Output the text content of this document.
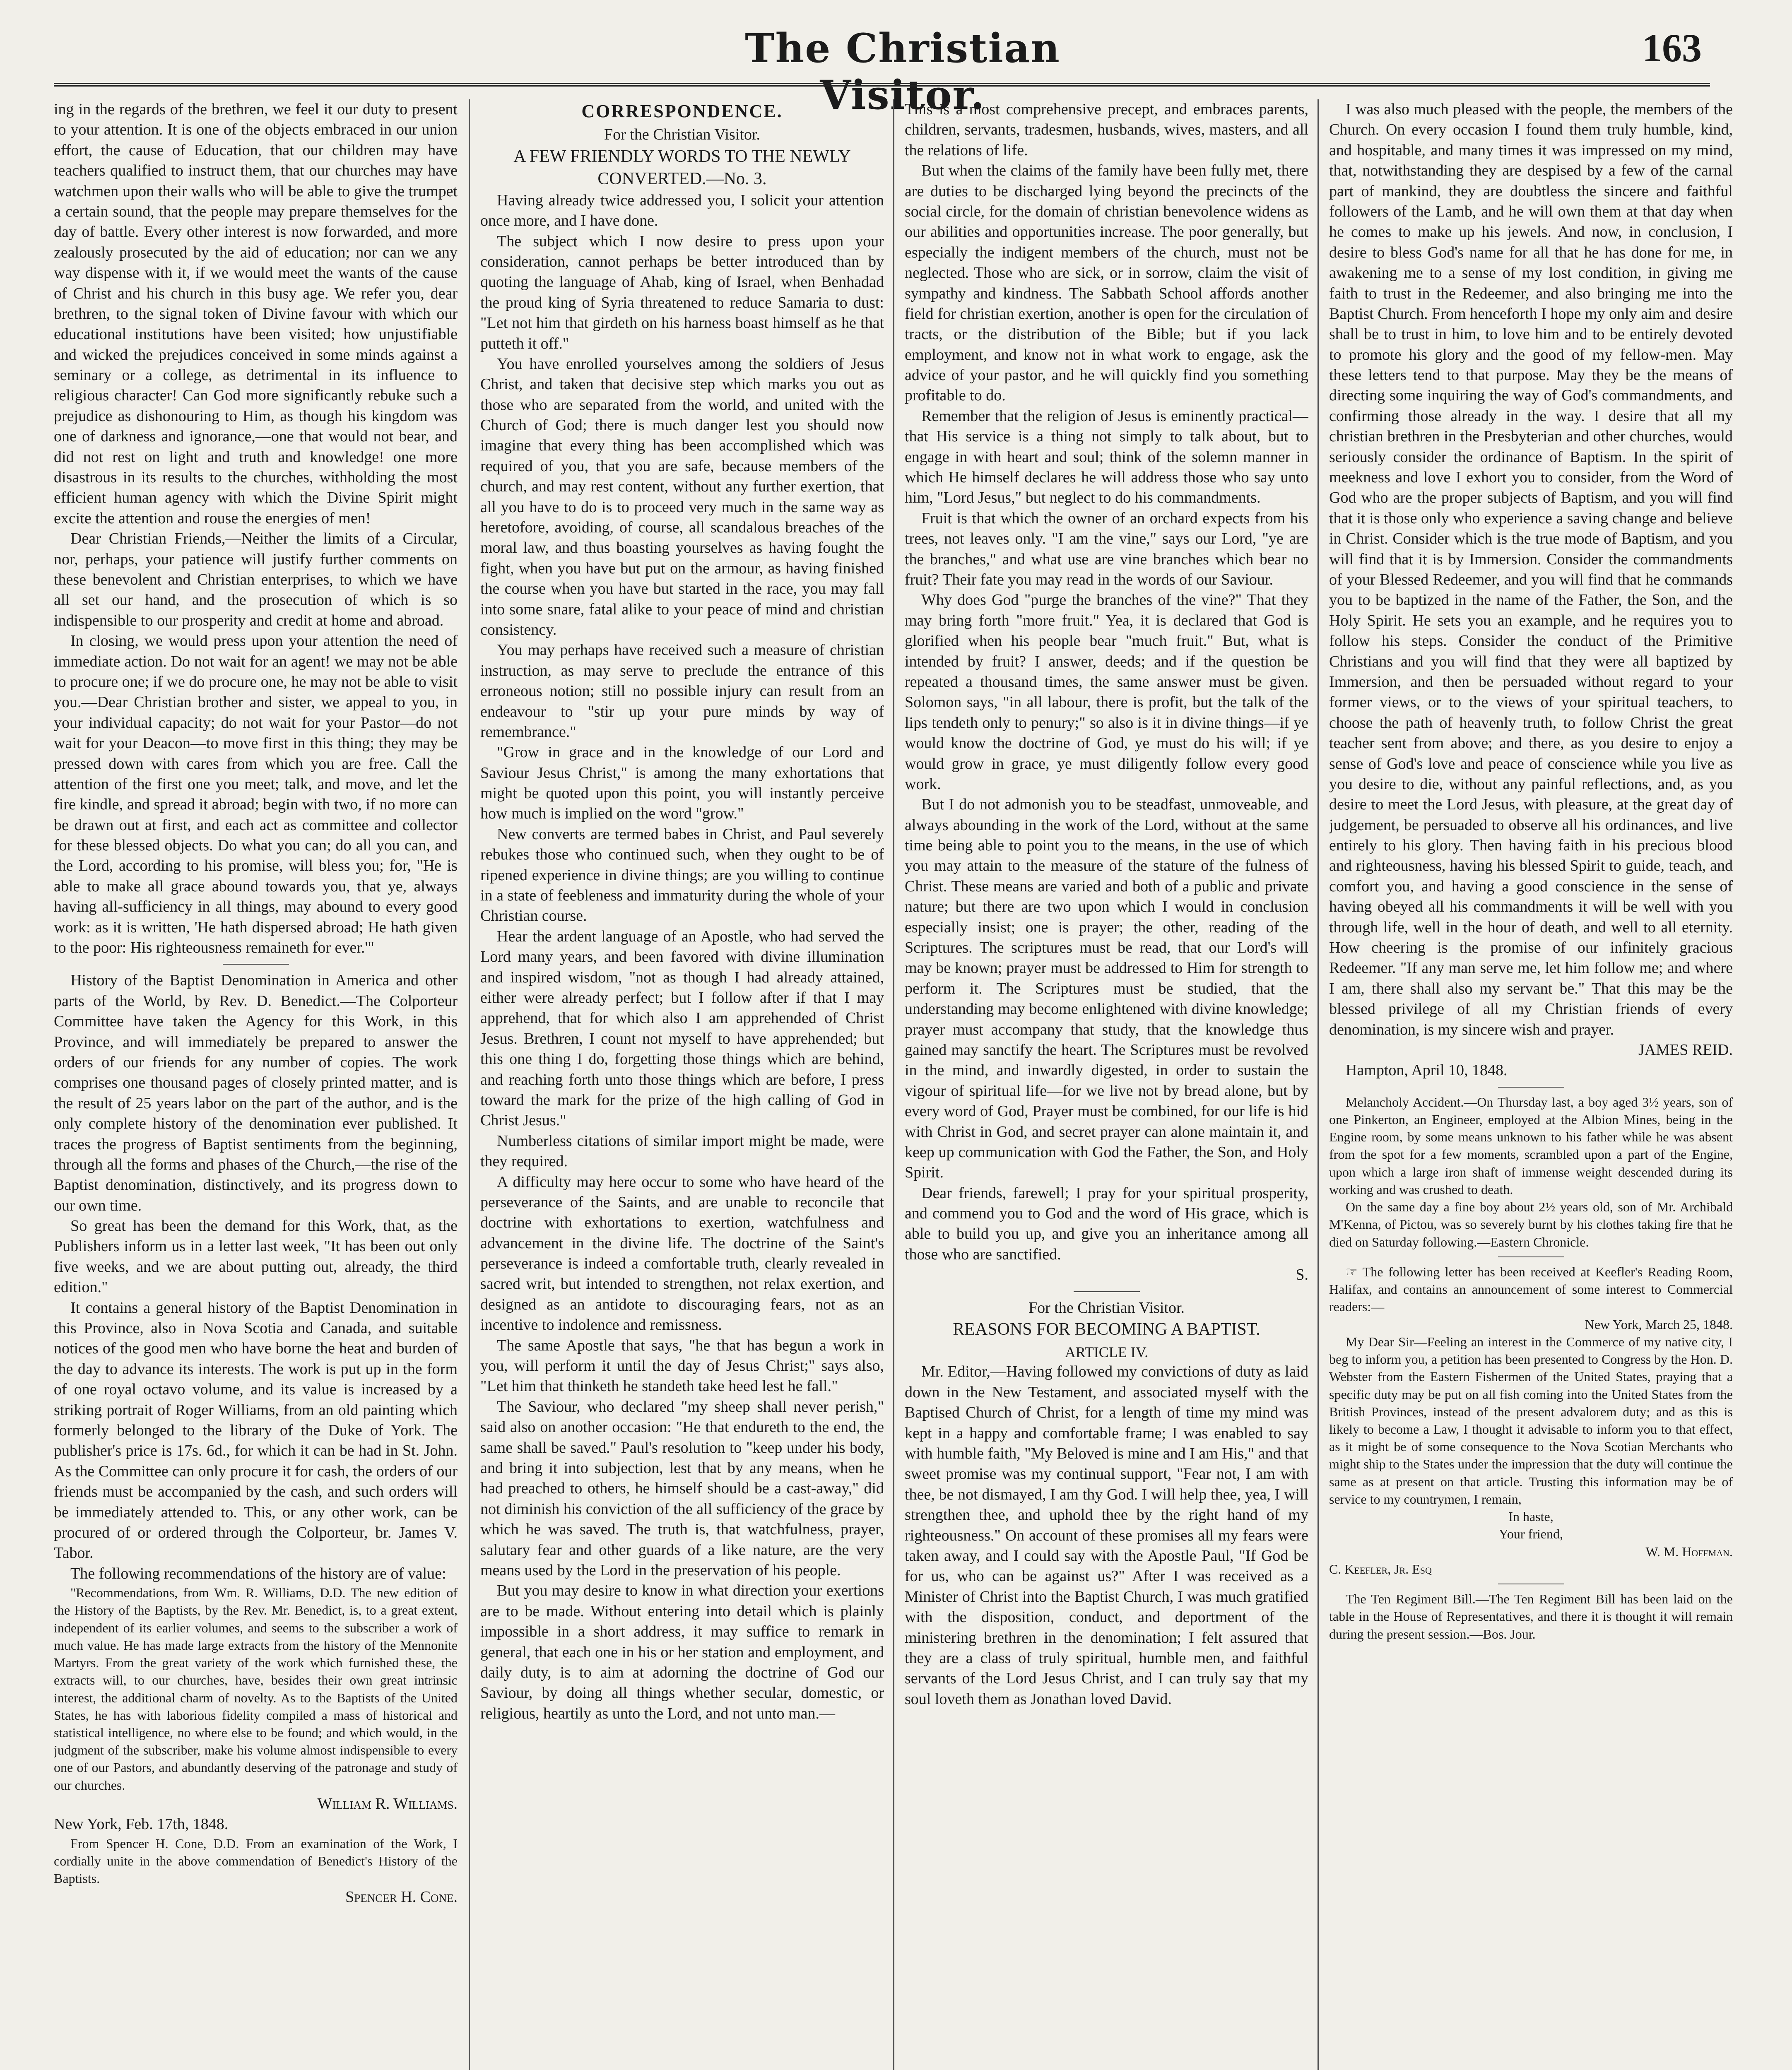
The Christian Visitor.
163

ing in the regards of the brethren, we feel it our duty to present to your attention. It is one of the objects embraced in our union effort, the cause of Education, that our children may have teachers qualified to instruct them, that our churches may have watchmen upon their walls who will be able to give the trumpet a certain sound, that the people may prepare themselves for the day of battle. Every other interest is now forwarded, and more zealously prosecuted by the aid of education; nor can we any way dispense with it, if we would meet the wants of the cause of Christ and his church in this busy age. We refer you, dear brethren, to the signal token of Divine favour with which our educational institutions have been visited; how unjustifiable and wicked the prejudices conceived in some minds against a seminary or a college, as detrimental in its influence to religious character! Can God more significantly rebuke such a prejudice as dishonouring to Him, as though his kingdom was one of darkness and ignorance,—one that would not bear, and did not rest on light and truth and knowledge! one more disastrous in its results to the churches, withholding the most efficient human agency with which the Divine Spirit might excite the attention and rouse the energies of men!

Dear Christian Friends,—Neither the limits of a Circular, nor, perhaps, your patience will justify further comments on these benevolent and Christian enterprises, to which we have all set our hand, and the prosecution of which is so indispensible to our prosperity and credit at home and abroad.

In closing, we would press upon your attention the need of immediate action. Do not wait for an agent! we may not be able to procure one; if we do procure one, he may not be able to visit you.—Dear Christian brother and sister, we appeal to you, in your individual capacity; do not wait for your Pastor—do not wait for your Deacon—to move first in this thing; they may be pressed down with cares from which you are free. Call the attention of the first one you meet; talk, and move, and let the fire kindle, and spread it abroad; begin with two, if no more can be drawn out at first, and each act as committee and collector for these blessed objects. Do what you can; do all you can, and the Lord, according to his promise, will bless you; for, "He is able to make all grace abound towards you, that ye, always having all-sufficiency in all things, may abound to every good work: as it is written, 'He hath dispersed abroad; He hath given to the poor: His righteousness remaineth for ever.'"

History of the Baptist Denomination in America and other parts of the World, by Rev. D. Benedict.—The Colporteur Committee have taken the Agency for this Work, in this Province, and will immediately be prepared to answer the orders of our friends for any number of copies. The work comprises one thousand pages of closely printed matter, and is the result of 25 years labor on the part of the author, and is the only complete history of the denomination ever published. It traces the progress of Baptist sentiments from the beginning, through all the forms and phases of the Church,—the rise of the Baptist denomination, distinctively, and its progress down to our own time.

So great has been the demand for this Work, that, as the Publishers inform us in a letter last week, "It has been out only five weeks, and we are about putting out, already, the third edition."

It contains a general history of the Baptist Denomination in this Province, also in Nova Scotia and Canada, and suitable notices of the good men who have borne the heat and burden of the day to advance its interests. The work is put up in the form of one royal octavo volume, and its value is increased by a striking portrait of Roger Williams, from an old painting which formerly belonged to the library of the Duke of York. The publisher's price is 17s. 6d., for which it can be had in St. John. As the Committee can only procure it for cash, the orders of our friends must be accompanied by the cash, and such orders will be immediately attended to. This, or any other work, can be procured of or ordered through the Colporteur, br. James V. Tabor.

The following recommendations of the history are of value:

"Recommendations, from Wm. R. Williams, D.D. The new edition of the History of the Baptists, by the Rev. Mr. Benedict, is, to a great extent, independent of its earlier volumes, and seems to the subscriber a work of much value. He has made large extracts from the history of the Mennonite Martyrs. From the great variety of the work which furnished these, the extracts will, to our churches, have, besides their own great intrinsic interest, the additional charm of novelty. As to the Baptists of the United States, he has with laborious fidelity compiled a mass of historical and statistical intelligence, no where else to be found; and which would, in the judgment of the subscriber, make his volume almost indispensible to every one of our Pastors, and abundantly deserving of the patronage and study of our churches.

William R. Williams.

New York, Feb. 17th, 1848.

From Spencer H. Cone, D.D. From an examination of the Work, I cordially unite in the above commendation of Benedict's History of the Baptists.

Spencer H. Cone.

CORRESPONDENCE.

For the Christian Visitor.

A FEW FRIENDLY WORDS TO THE NEWLY CONVERTED.—No. 3.

Having already twice addressed you, I solicit your attention once more, and I have done.

The subject which I now desire to press upon your consideration, cannot perhaps be better introduced than by quoting the language of Ahab, king of Israel, when Benhadad the proud king of Syria threatened to reduce Samaria to dust: "Let not him that girdeth on his harness boast himself as he that putteth it off."

You have enrolled yourselves among the soldiers of Jesus Christ, and taken that decisive step which marks you out as those who are separated from the world, and united with the Church of God; there is much danger lest you should now imagine that every thing has been accomplished which was required of you, that you are safe, because members of the church, and may rest content, without any further exertion, that all you have to do is to proceed very much in the same way as heretofore, avoiding, of course, all scandalous breaches of the moral law, and thus boasting yourselves as having fought the fight, when you have but put on the armour, as having finished the course when you have but started in the race, you may fall into some snare, fatal alike to your peace of mind and christian consistency.

You may perhaps have received such a measure of christian instruction, as may serve to preclude the entrance of this erroneous notion; still no possible injury can result from an endeavour to "stir up your pure minds by way of remembrance."

"Grow in grace and in the knowledge of our Lord and Saviour Jesus Christ," is among the many exhortations that might be quoted upon this point, you will instantly perceive how much is implied on the word "grow."

New converts are termed babes in Christ, and Paul severely rebukes those who continued such, when they ought to be of ripened experience in divine things; are you willing to continue in a state of feebleness and immaturity during the whole of your Christian course.

Hear the ardent language of an Apostle, who had served the Lord many years, and been favored with divine illumination and inspired wisdom, "not as though I had already attained, either were already perfect; but I follow after if that I may apprehend, that for which also I am apprehended of Christ Jesus. Brethren, I count not myself to have apprehended; but this one thing I do, forgetting those things which are behind, and reaching forth unto those things which are before, I press toward the mark for the prize of the high calling of God in Christ Jesus."

Numberless citations of similar import might be made, were they required.

A difficulty may here occur to some who have heard of the perseverance of the Saints, and are unable to reconcile that doctrine with exhortations to exertion, watchfulness and advancement in the divine life. The doctrine of the Saint's perseverance is indeed a comfortable truth, clearly revealed in sacred writ, but intended to strengthen, not relax exertion, and designed as an antidote to discouraging fears, not as an incentive to indolence and remissness.

The same Apostle that says, "he that has begun a work in you, will perform it until the day of Jesus Christ;" says also, "Let him that thinketh he standeth take heed lest he fall."

The Saviour, who declared "my sheep shall never perish," said also on another occasion: "He that endureth to the end, the same shall be saved." Paul's resolution to "keep under his body, and bring it into subjection, lest that by any means, when he had preached to others, he himself should be a cast-away," did not diminish his conviction of the all sufficiency of the grace by which he was saved. The truth is, that watchfulness, prayer, salutary fear and other guards of a like nature, are the very means used by the Lord in the preservation of his people.

But you may desire to know in what direction your exertions are to be made. Without entering into detail which is plainly impossible in a short address, it may suffice to remark in general, that each one in his or her station and employment, and daily duty, is to aim at adorning the doctrine of God our Saviour, by doing all things whether secular, domestic, or religious, heartily as unto the Lord, and not unto man.—

This is a most comprehensive precept, and embraces parents, children, servants, tradesmen, husbands, wives, masters, and all the relations of life.

But when the claims of the family have been fully met, there are duties to be discharged lying beyond the precincts of the social circle, for the domain of christian benevolence widens as our abilities and opportunities increase. The poor generally, but especially the indigent members of the church, must not be neglected. Those who are sick, or in sorrow, claim the visit of sympathy and kindness. The Sabbath School affords another field for christian exertion, another is open for the circulation of tracts, or the distribution of the Bible; but if you lack employment, and know not in what work to engage, ask the advice of your pastor, and he will quickly find you something profitable to do.

Remember that the religion of Jesus is eminently practical—that His service is a thing not simply to talk about, but to engage in with heart and soul; think of the solemn manner in which He himself declares he will address those who say unto him, "Lord Jesus," but neglect to do his commandments.

Fruit is that which the owner of an orchard expects from his trees, not leaves only. "I am the vine," says our Lord, "ye are the branches," and what use are vine branches which bear no fruit? Their fate you may read in the words of our Saviour.

Why does God "purge the branches of the vine?" That they may bring forth "more fruit." Yea, it is declared that God is glorified when his people bear "much fruit." But, what is intended by fruit? I answer, deeds; and if the question be repeated a thousand times, the same answer must be given. Solomon says, "in all labour, there is profit, but the talk of the lips tendeth only to penury;" so also is it in divine things—if ye would know the doctrine of God, ye must do his will; if ye would grow in grace, ye must diligently follow every good work.

But I do not admonish you to be steadfast, unmoveable, and always abounding in the work of the Lord, without at the same time being able to point you to the means, in the use of which you may attain to the measure of the stature of the fulness of Christ. These means are varied and both of a public and private nature; but there are two upon which I would in conclusion especially insist; one is prayer; the other, reading of the Scriptures. The scriptures must be read, that our Lord's will may be known; prayer must be addressed to Him for strength to perform it. The Scriptures must be studied, that the understanding may become enlightened with divine knowledge; prayer must accompany that study, that the knowledge thus gained may sanctify the heart. The Scriptures must be revolved in the mind, and inwardly digested, in order to sustain the vigour of spiritual life—for we live not by bread alone, but by every word of God, Prayer must be combined, for our life is hid with Christ in God, and secret prayer can alone maintain it, and keep up communication with God the Father, the Son, and Holy Spirit.

Dear friends, farewell; I pray for your spiritual prosperity, and commend you to God and the word of His grace, which is able to build you up, and give you an inheritance among all those who are sanctified.

S.

For the Christian Visitor.

REASONS FOR BECOMING A BAPTIST.
ARTICLE IV.

Mr. Editor,—Having followed my convictions of duty as laid down in the New Testament, and associated myself with the Baptised Church of Christ, for a length of time my mind was kept in a happy and comfortable frame; I was enabled to say with humble faith, "My Beloved is mine and I am His," and that sweet promise was my continual support, "Fear not, I am with thee, be not dismayed, I am thy God. I will help thee, yea, I will strengthen thee, and uphold thee by the right hand of my righteousness." On account of these promises all my fears were taken away, and I could say with the Apostle Paul, "If God be for us, who can be against us?" After I was received as a Minister of Christ into the Baptist Church, I was much gratified with the disposition, conduct, and deportment of the ministering brethren in the denomination; I felt assured that they are a class of truly spiritual, humble men, and faithful servants of the Lord Jesus Christ, and I can truly say that my soul loveth them as Jonathan loved David.

I was also much pleased with the people, the members of the Church. On every occasion I found them truly humble, kind, and hospitable, and many times it was impressed on my mind, that, notwithstanding they are despised by a few of the carnal part of mankind, they are doubtless the sincere and faithful followers of the Lamb, and he will own them at that day when he comes to make up his jewels. And now, in conclusion, I desire to bless God's name for all that he has done for me, in awakening me to a sense of my lost condition, in giving me faith to trust in the Redeemer, and also bringing me into the Baptist Church. From henceforth I hope my only aim and desire shall be to trust in him, to love him and to be entirely devoted to promote his glory and the good of my fellow-men. May these letters tend to that purpose. May they be the means of directing some inquiring the way of God's commandments, and confirming those already in the way. I desire that all my christian brethren in the Presbyterian and other churches, would seriously consider the ordinance of Baptism. In the spirit of meekness and love I exhort you to consider, from the Word of God who are the proper subjects of Baptism, and you will find that it is those only who experience a saving change and believe in Christ. Consider which is the true mode of Baptism, and you will find that it is by Immersion. Consider the commandments of your Blessed Redeemer, and you will find that he commands you to be baptized in the name of the Father, the Son, and the Holy Spirit. He sets you an example, and he requires you to follow his steps. Consider the conduct of the Primitive Christians and you will find that they were all baptized by Immersion, and then be persuaded without regard to your former views, or to the views of your spiritual teachers, to choose the path of heavenly truth, to follow Christ the great teacher sent from above; and there, as you desire to enjoy a sense of God's love and peace of conscience while you live as you desire to die, without any painful reflections, and, as you desire to meet the Lord Jesus, with pleasure, at the great day of judgement, be persuaded to observe all his ordinances, and live entirely to his glory. Then having faith in his precious blood and righteousness, having his blessed Spirit to guide, teach, and comfort you, and having a good conscience in the sense of having obeyed all his commandments it will be well with you through life, well in the hour of death, and well to all eternity. How cheering is the promise of our infinitely gracious Redeemer. "If any man serve me, let him follow me; and where I am, there shall also my servant be." That this may be the blessed privilege of all my Christian friends of every denomination, is my sincere wish and prayer.

JAMES REID.

Hampton, April 10, 1848.

Melancholy Accident.—On Thursday last, a boy aged 3½ years, son of one Pinkerton, an Engineer, employed at the Albion Mines, being in the Engine room, by some means unknown to his father while he was absent from the spot for a few moments, scrambled upon a part of the Engine, upon which a large iron shaft of immense weight descended during its working and was crushed to death.

On the same day a fine boy about 2½ years old, son of Mr. Archibald M'Kenna, of Pictou, was so severely burnt by his clothes taking fire that he died on Saturday following.—Eastern Chronicle.

☞ The following letter has been received at Keefler's Reading Room, Halifax, and contains an announcement of some interest to Commercial readers:—

New York, March 25, 1848.

My Dear Sir—Feeling an interest in the Commerce of my native city, I beg to inform you, a petition has been presented to Congress by the Hon. D. Webster from the Eastern Fishermen of the United States, praying that a specific duty may be put on all fish coming into the United States from the British Provinces, instead of the present advalorem duty; and as this is likely to become a Law, I thought it advisable to inform you to that effect, as it might be of some consequence to the Nova Scotian Merchants who might ship to the States under the impression that the duty will continue the same as at present on that article. Trusting this information may be of service to my countrymen, I remain,

In haste,

Your friend,

W. M. Hoffman.

C. Keefler, Jr. Esq

The Ten Regiment Bill.—The Ten Regiment Bill has been laid on the table in the House of Representatives, and there it is thought it will remain during the present session.—Bos. Jour.
